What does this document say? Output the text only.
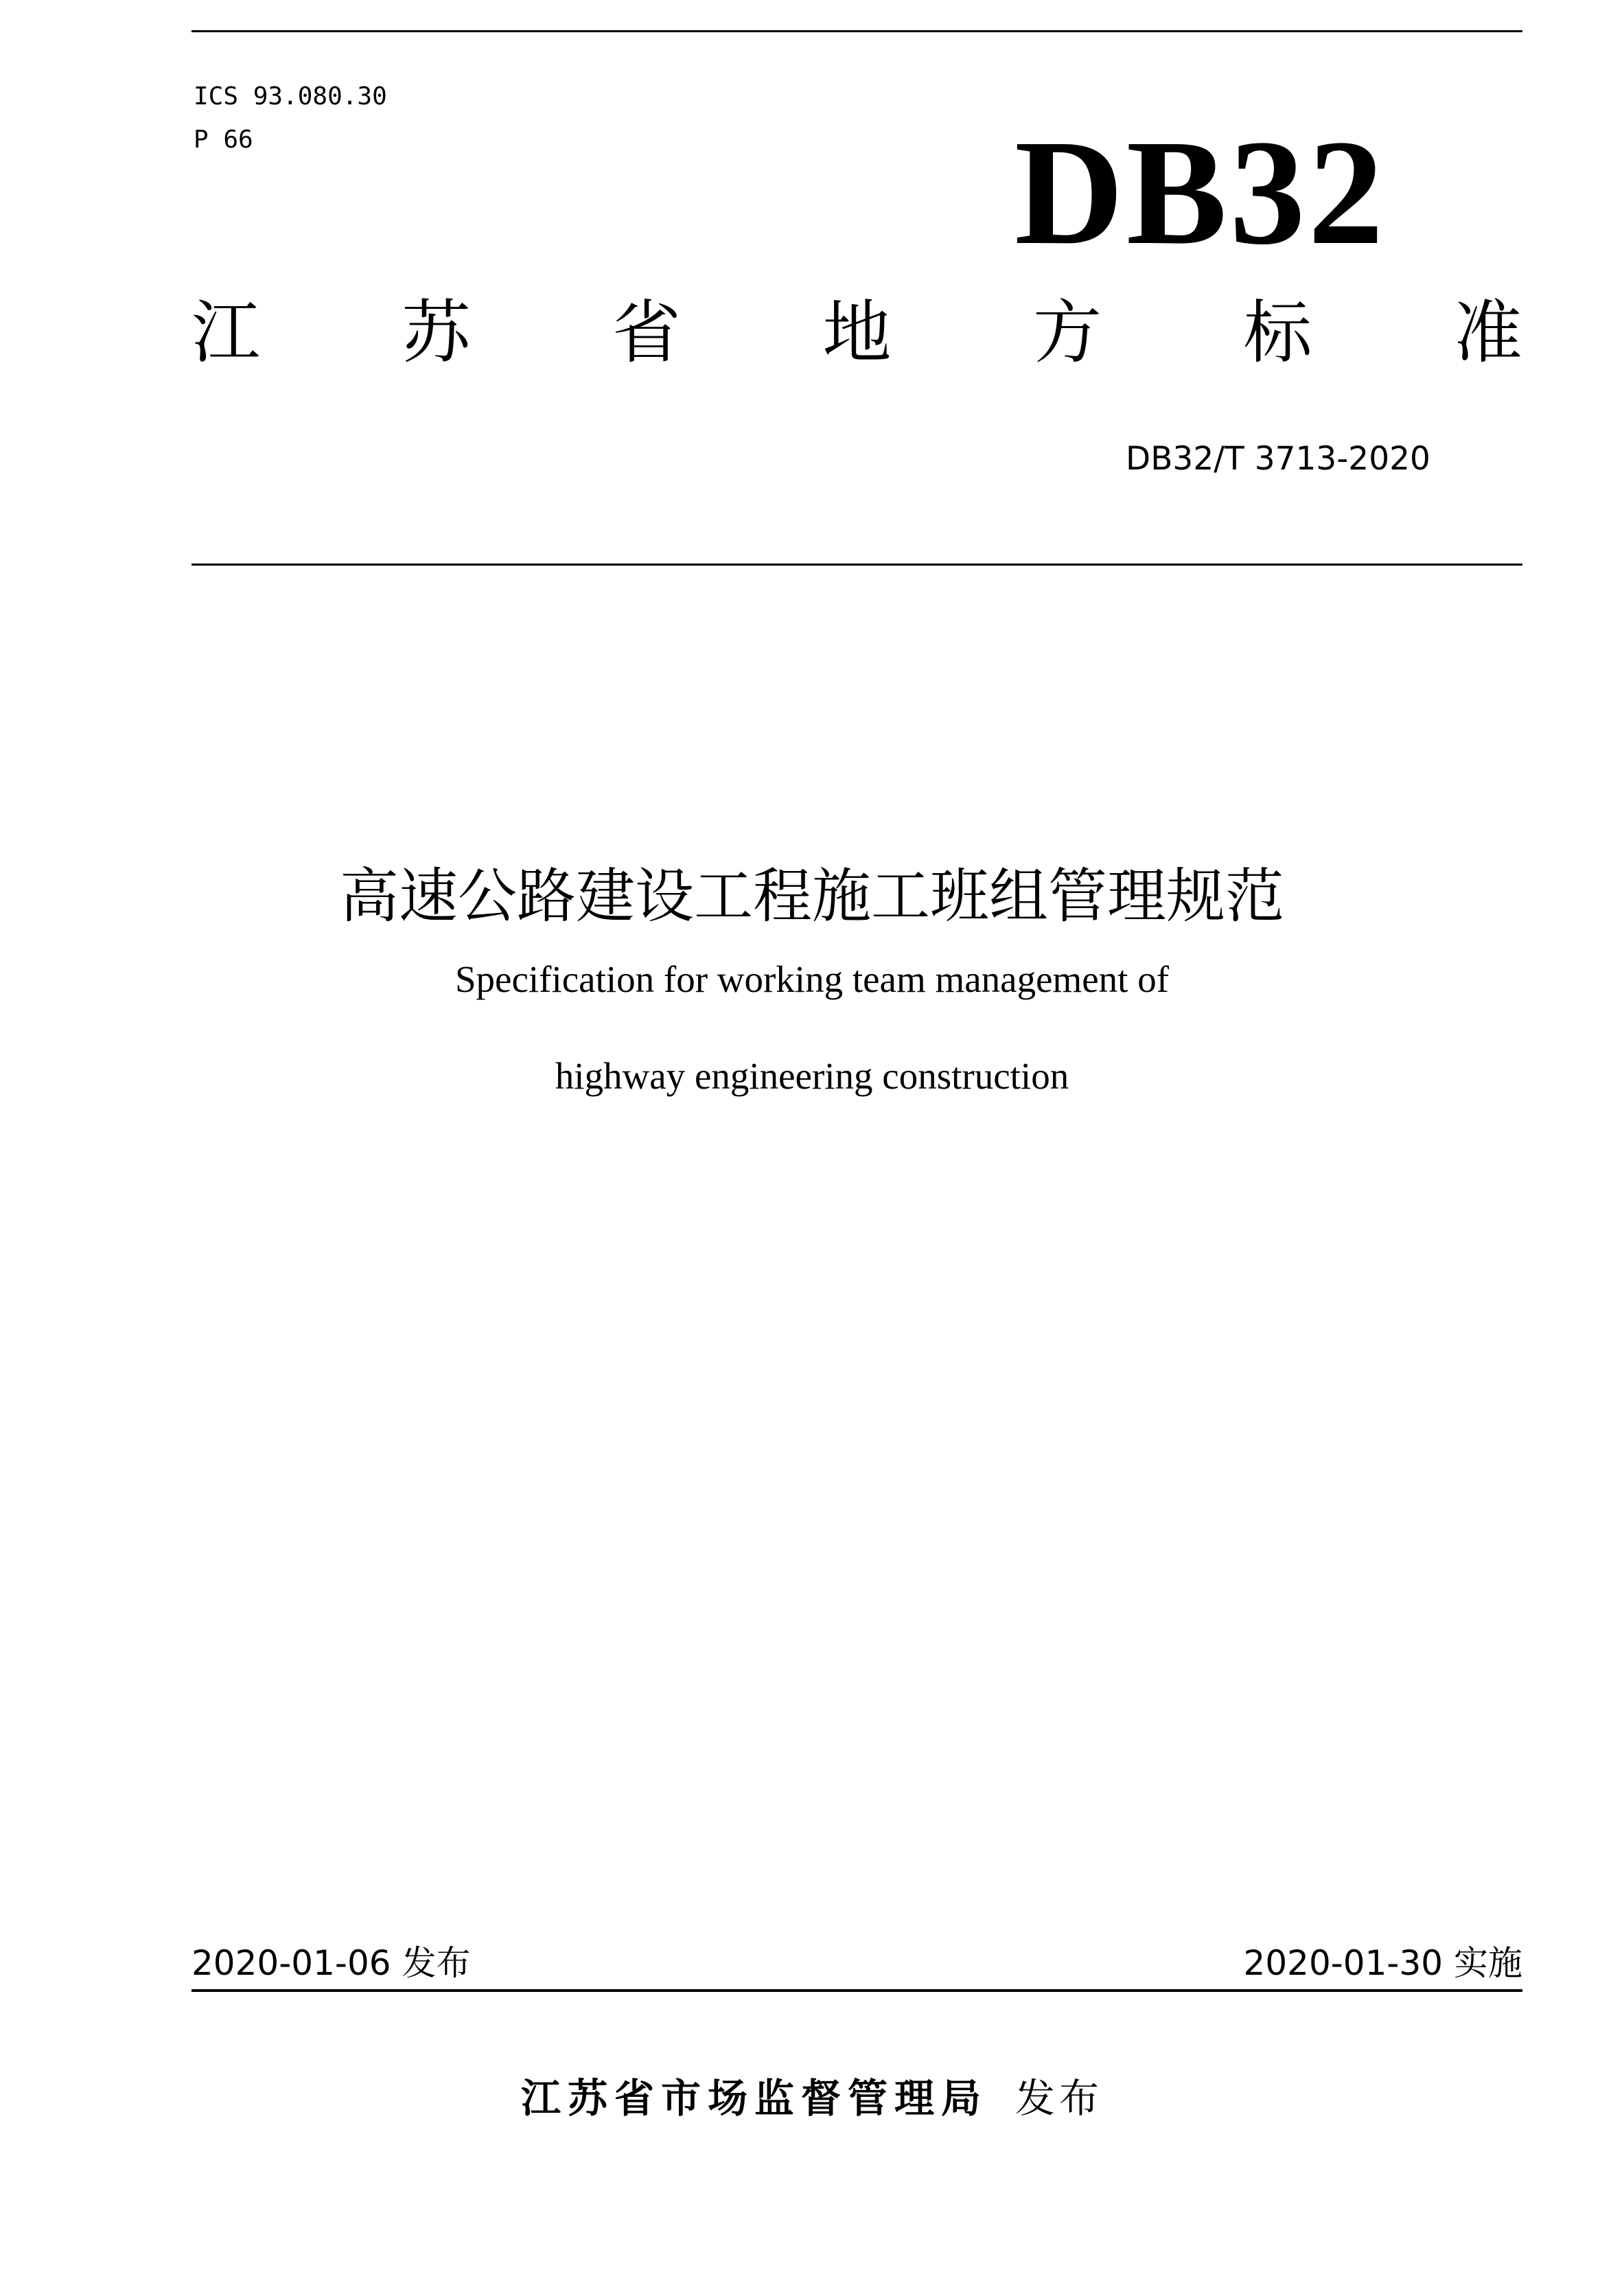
ICS 93.080.30
P 66	DB32
江 苏 省 地 方 标 准
DB32/T 3713-2020
高速公路建设工程施工班组管理规范
Specification for working team management of
highway engineering construction
2020-01-06 发布	2020-01-30 实施
江苏省市场监督管理局 发布
